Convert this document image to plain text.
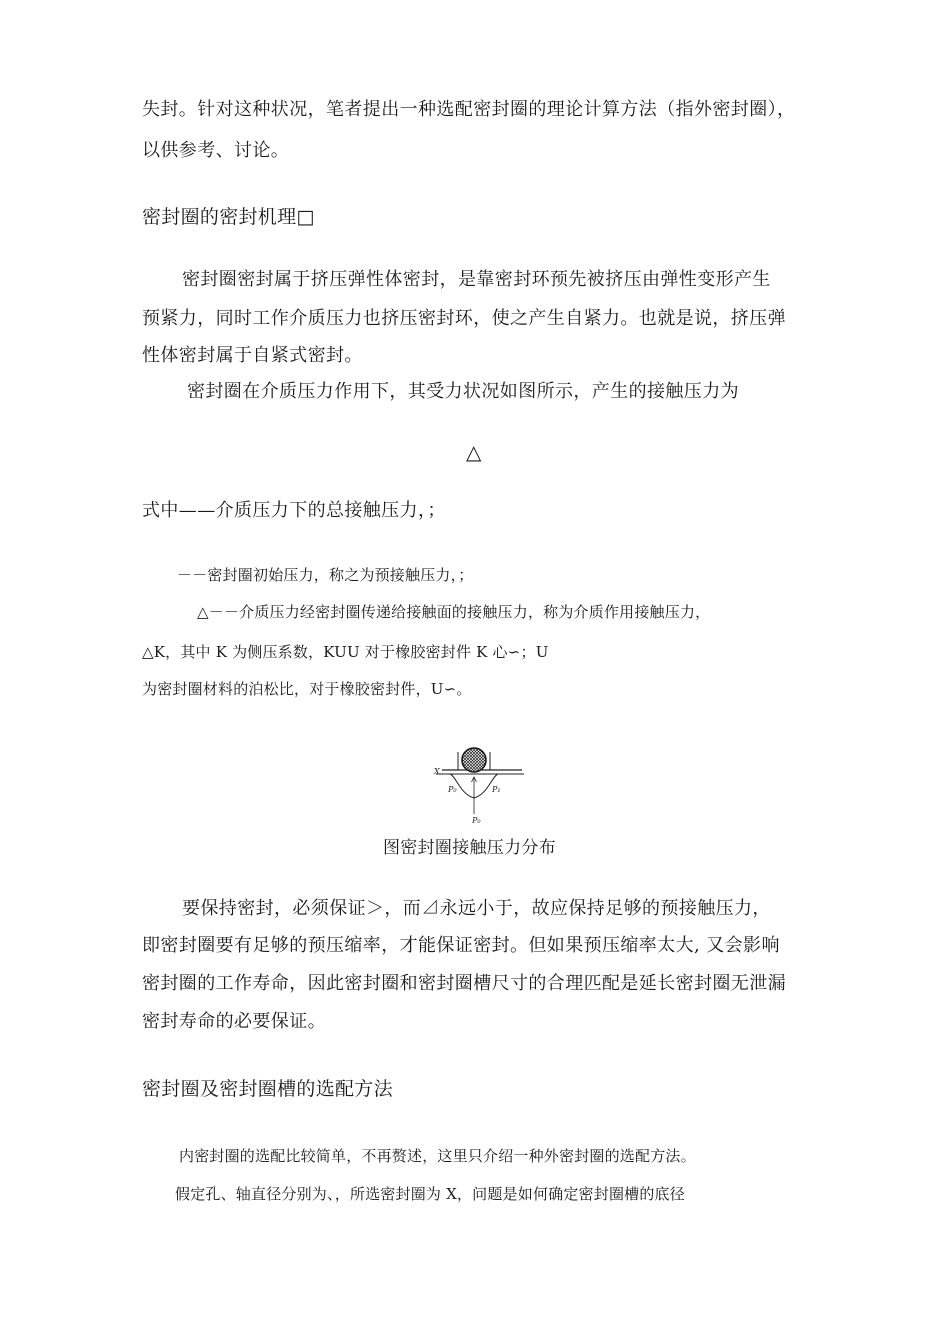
失封。针对这种状况，笔者提出一种选配密封圈的理论计算方法（指外密封圈），
以供参考、讨论。
密封圈的密封机理□
密封圈密封属于挤压弹性体密封，是靠密封环预先被挤压由弹性变形产生
预紧力，同时工作介质压力也挤压密封环，使之产生自紧力。也就是说，挤压弹
性体密封属于自紧式密封。
密封圈在介质压力作用下，其受力状况如图所示，产生的接触压力为
△
式中——介质压力下的总接触压力，；
－－密封圈初始压力，称之为预接触压力，；
△－－介质压力经密封圈传递给接触面的接触压力，称为介质作用接触压力，
△K，其中 K 为侧压系数，KUU 对于橡胶密封件 K 心∽；U
为密封圈材料的泊松比，对于橡胶密封件，U∽。
X
P₀	P₁
P₀
图密封圈接触压力分布
要保持密封，必须保证＞，而⊿永远小于，故应保持足够的预接触压力，
即密封圈要有足够的预压缩率，才能保证密封。但如果预压缩率太大, 又会影响
密封圈的工作寿命，因此密封圈和密封圈槽尺寸的合理匹配是延长密封圈无泄漏
密封寿命的必要保证。
密封圈及密封圈槽的选配方法
内密封圈的选配比较简单，不再赘述，这里只介绍一种外密封圈的选配方法。
假定孔、轴直径分别为、，所选密封圈为 X，问题是如何确定密封圈槽的底径
